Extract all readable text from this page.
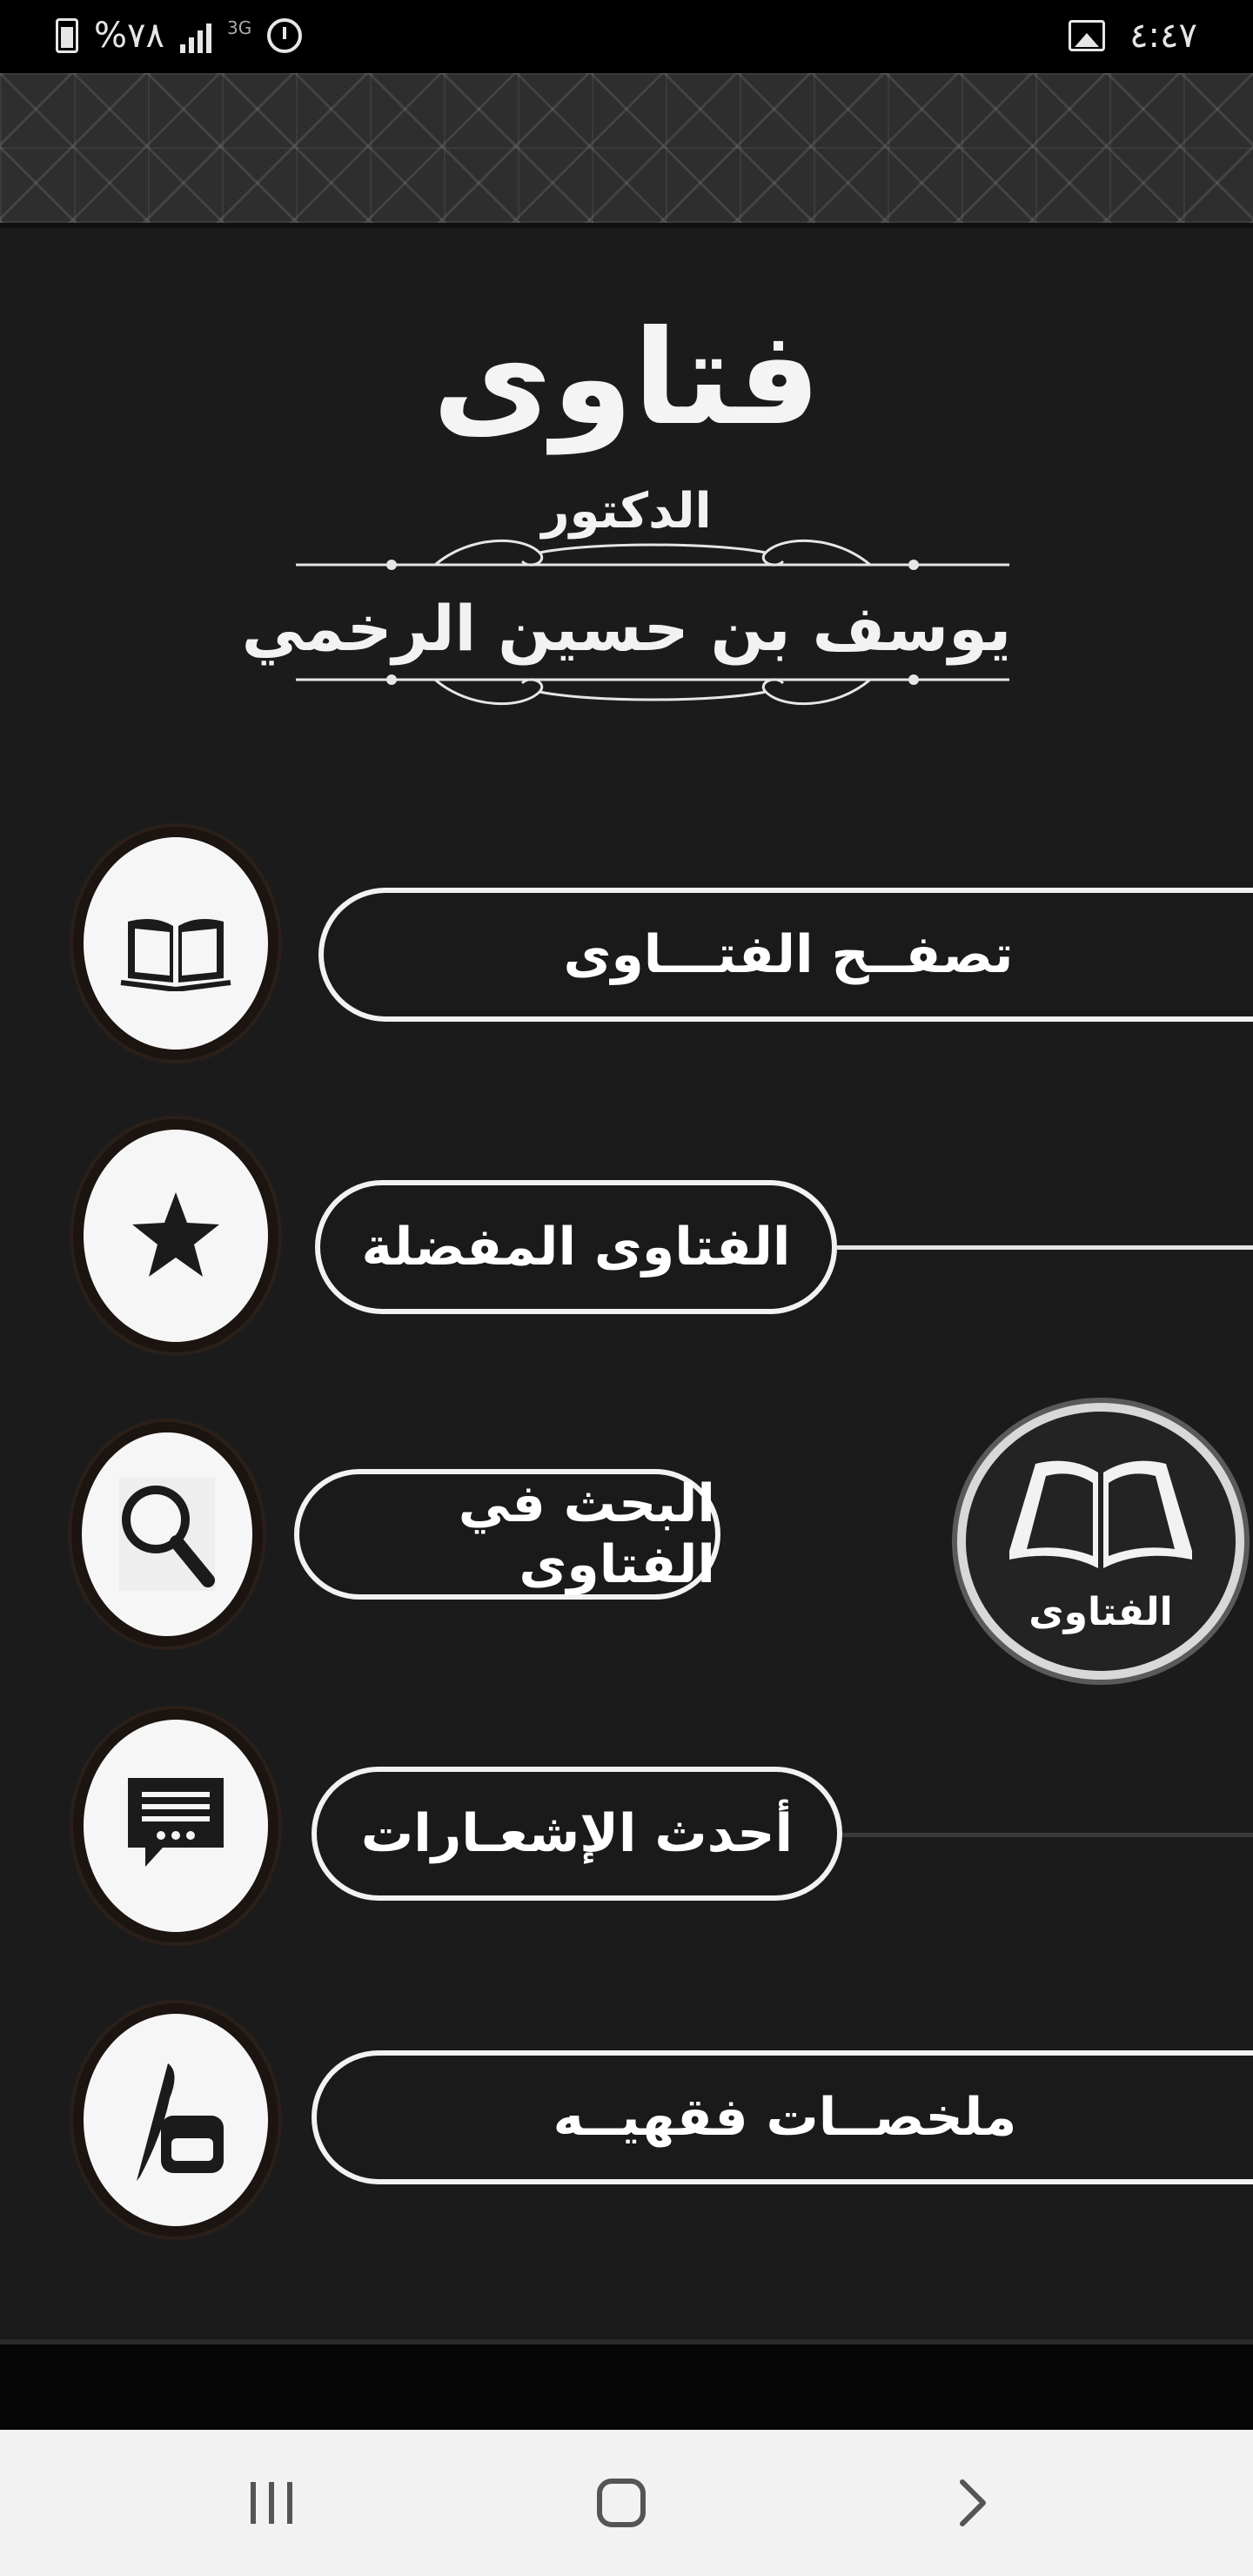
%٧٨	3G	٤:٤٧
فتاوى
الدكتور
يوسف بن حسين الرخمي
تصفــح الفتـــاوى
الفتاوى المفضلة
البحث في الفتاوى
الفتاوى
أحدث الإشعـارات
ملخصــات فقهيــه
